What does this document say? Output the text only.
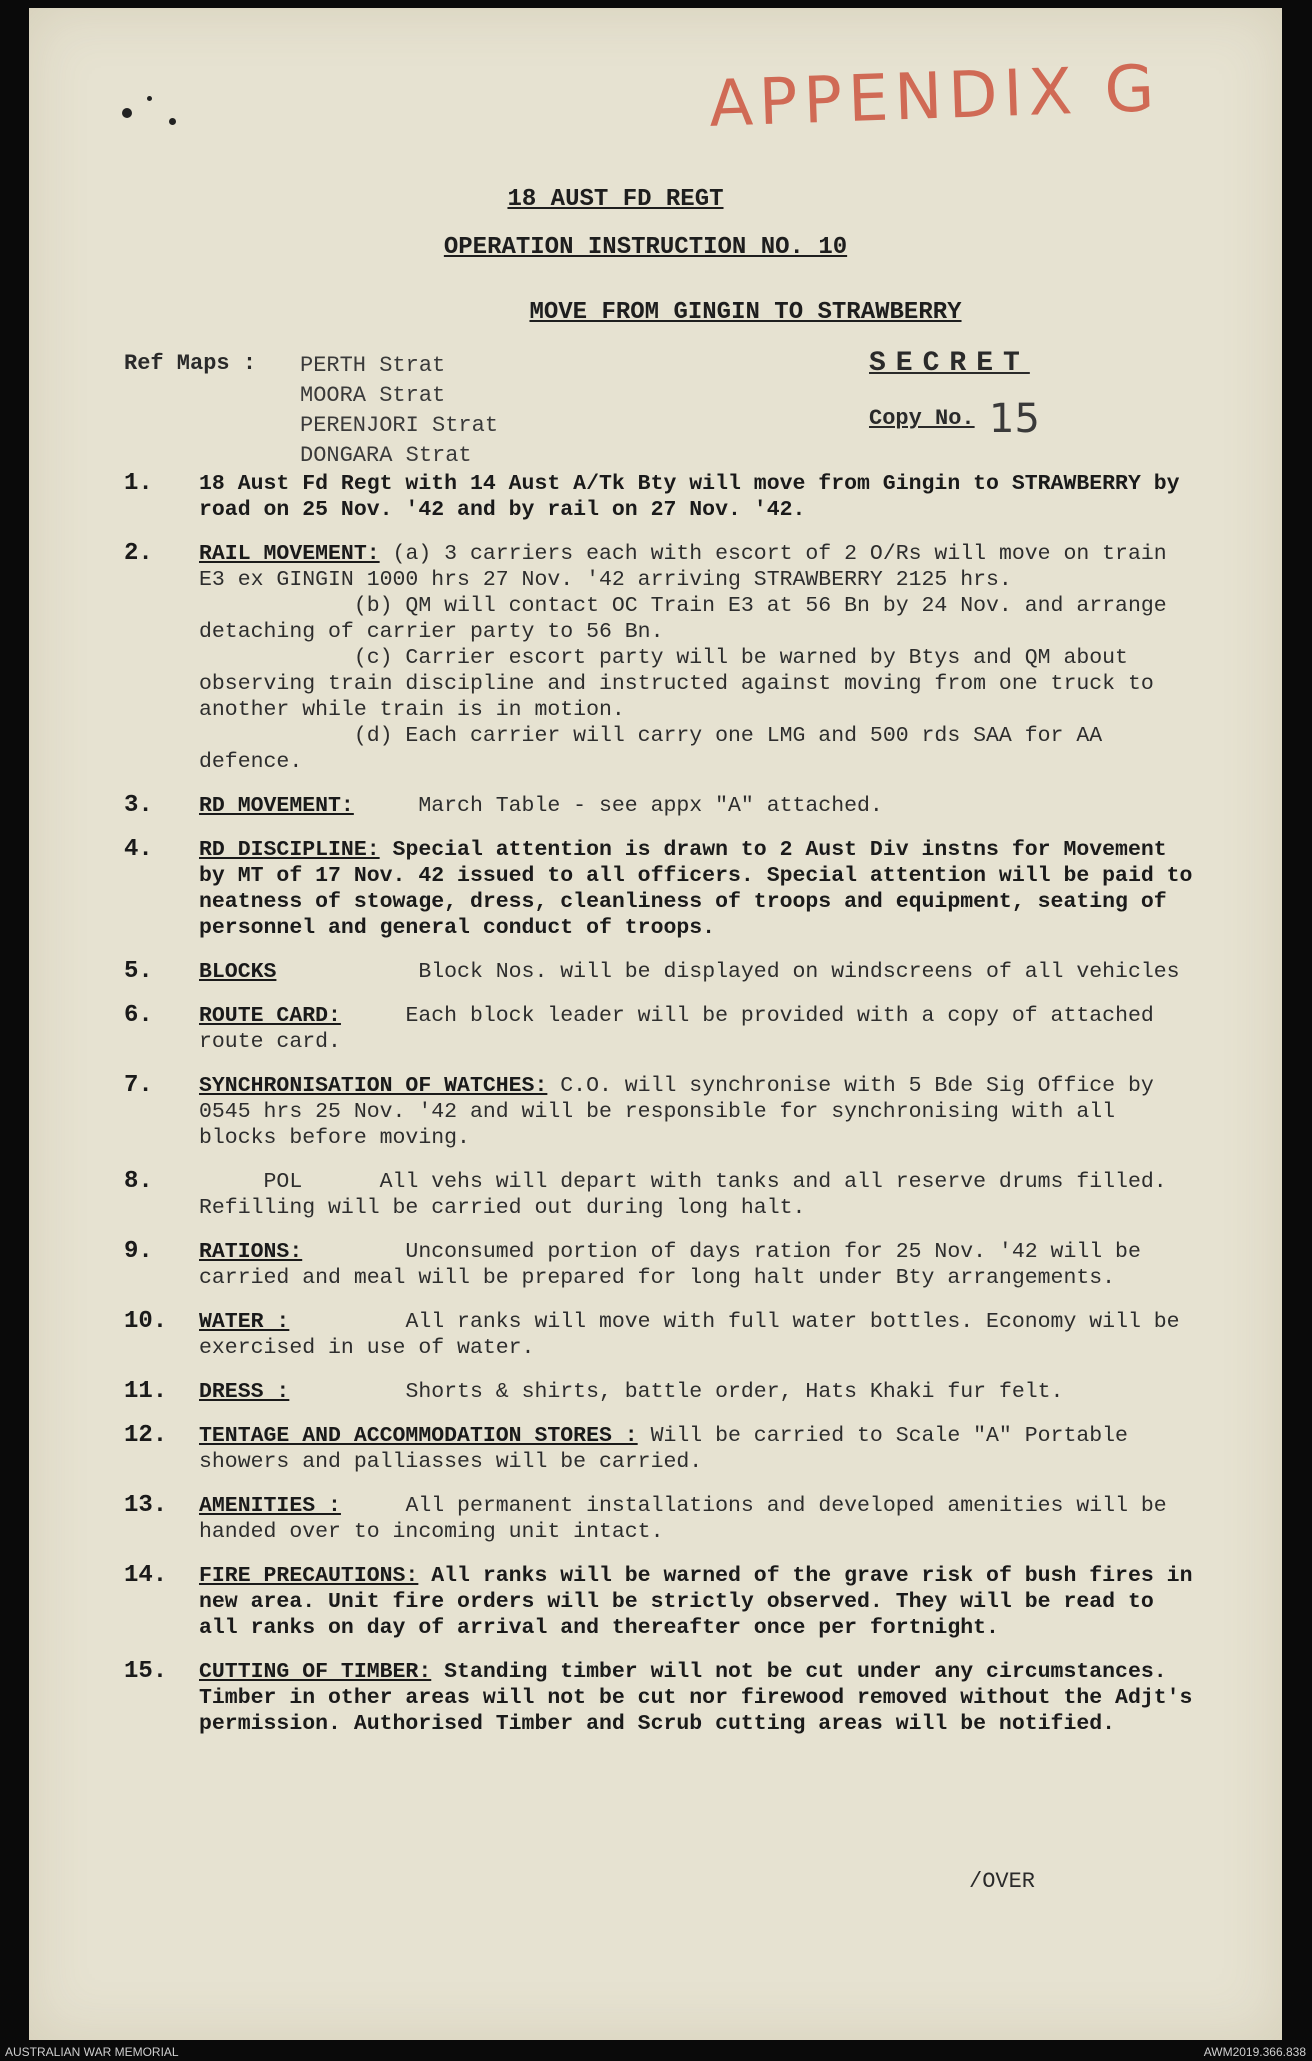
APPENDIX G
18 AUST FD REGT
OPERATION INSTRUCTION NO. 10
MOVE FROM GINGIN TO STRAWBERRY
Ref Maps : PERTH Strat
MOORA Strat
PERENJORI Strat
DONGARA Strat
SECRET
Copy No. 15
1. 18 Aust Fd Regt with 14 Aust A/Tk Bty will move from Gingin to STRAWBERRY by road on 25 Nov. '42 and by rail on 27 Nov. '42.
2. RAIL MOVEMENT: (a) 3 carriers each with escort of 2 O/Rs will move on train E3 ex GINGIN 1000 hrs 27 Nov. '42 arriving STRAWBERRY 2125 hrs.
(b) QM will contact OC Train E3 at 56 Bn by 24 Nov. and arrange detaching of carrier party to 56 Bn.
(c) Carrier escort party will be warned by Btys and QM about observing train discipline and instructed against moving from one truck to another while train is in motion.
(d) Each carrier will carry one LMG and 500 rds SAA for AA defence.
3. RD MOVEMENT:     March Table - see appx "A" attached.
4. RD DISCIPLINE: Special attention is drawn to 2 Aust Div instns for Movement by MT of 17 Nov. 42 issued to all officers. Special attention will be paid to neatness of stowage, dress, cleanliness of troops and equipment, seating of personnel and general conduct of troops.
5. BLOCKS           Block Nos. will be displayed on windscreens of all vehicles
6. ROUTE CARD:     Each block leader will be provided with a copy of attached route card.
7. SYNCHRONISATION OF WATCHES: C.O. will synchronise with 5 Bde Sig Office by 0545 hrs 25 Nov. '42 and will be responsible for synchronising with all blocks before moving.
8. POL      All vehs will depart with tanks and all reserve drums filled. Refilling will be carried out during long halt.
9. RATIONS:        Unconsumed portion of days ration for 25 Nov. '42 will be carried and meal will be prepared for long halt under Bty arrangements.
10. WATER :         All ranks will move with full water bottles. Economy will be exercised in use of water.
11. DRESS :         Shorts & shirts, battle order, Hats Khaki fur felt.
12. TENTAGE AND ACCOMMODATION STORES : Will be carried to Scale "A" Portable showers and palliasses will be carried.
13. AMENITIES :     All permanent installations and developed amenities will be handed over to incoming unit intact.
14. FIRE PRECAUTIONS: All ranks will be warned of the grave risk of bush fires in new area. Unit fire orders will be strictly observed. They will be read to all ranks on day of arrival and thereafter once per fortnight.
15. CUTTING OF TIMBER: Standing timber will not be cut under any circumstances. Timber in other areas will not be cut nor firewood removed without the Adjt's permission. Authorised Timber and Scrub cutting areas will be notified.
/OVER
AUSTRALIAN WAR MEMORIAL	AWM2019.366.838
